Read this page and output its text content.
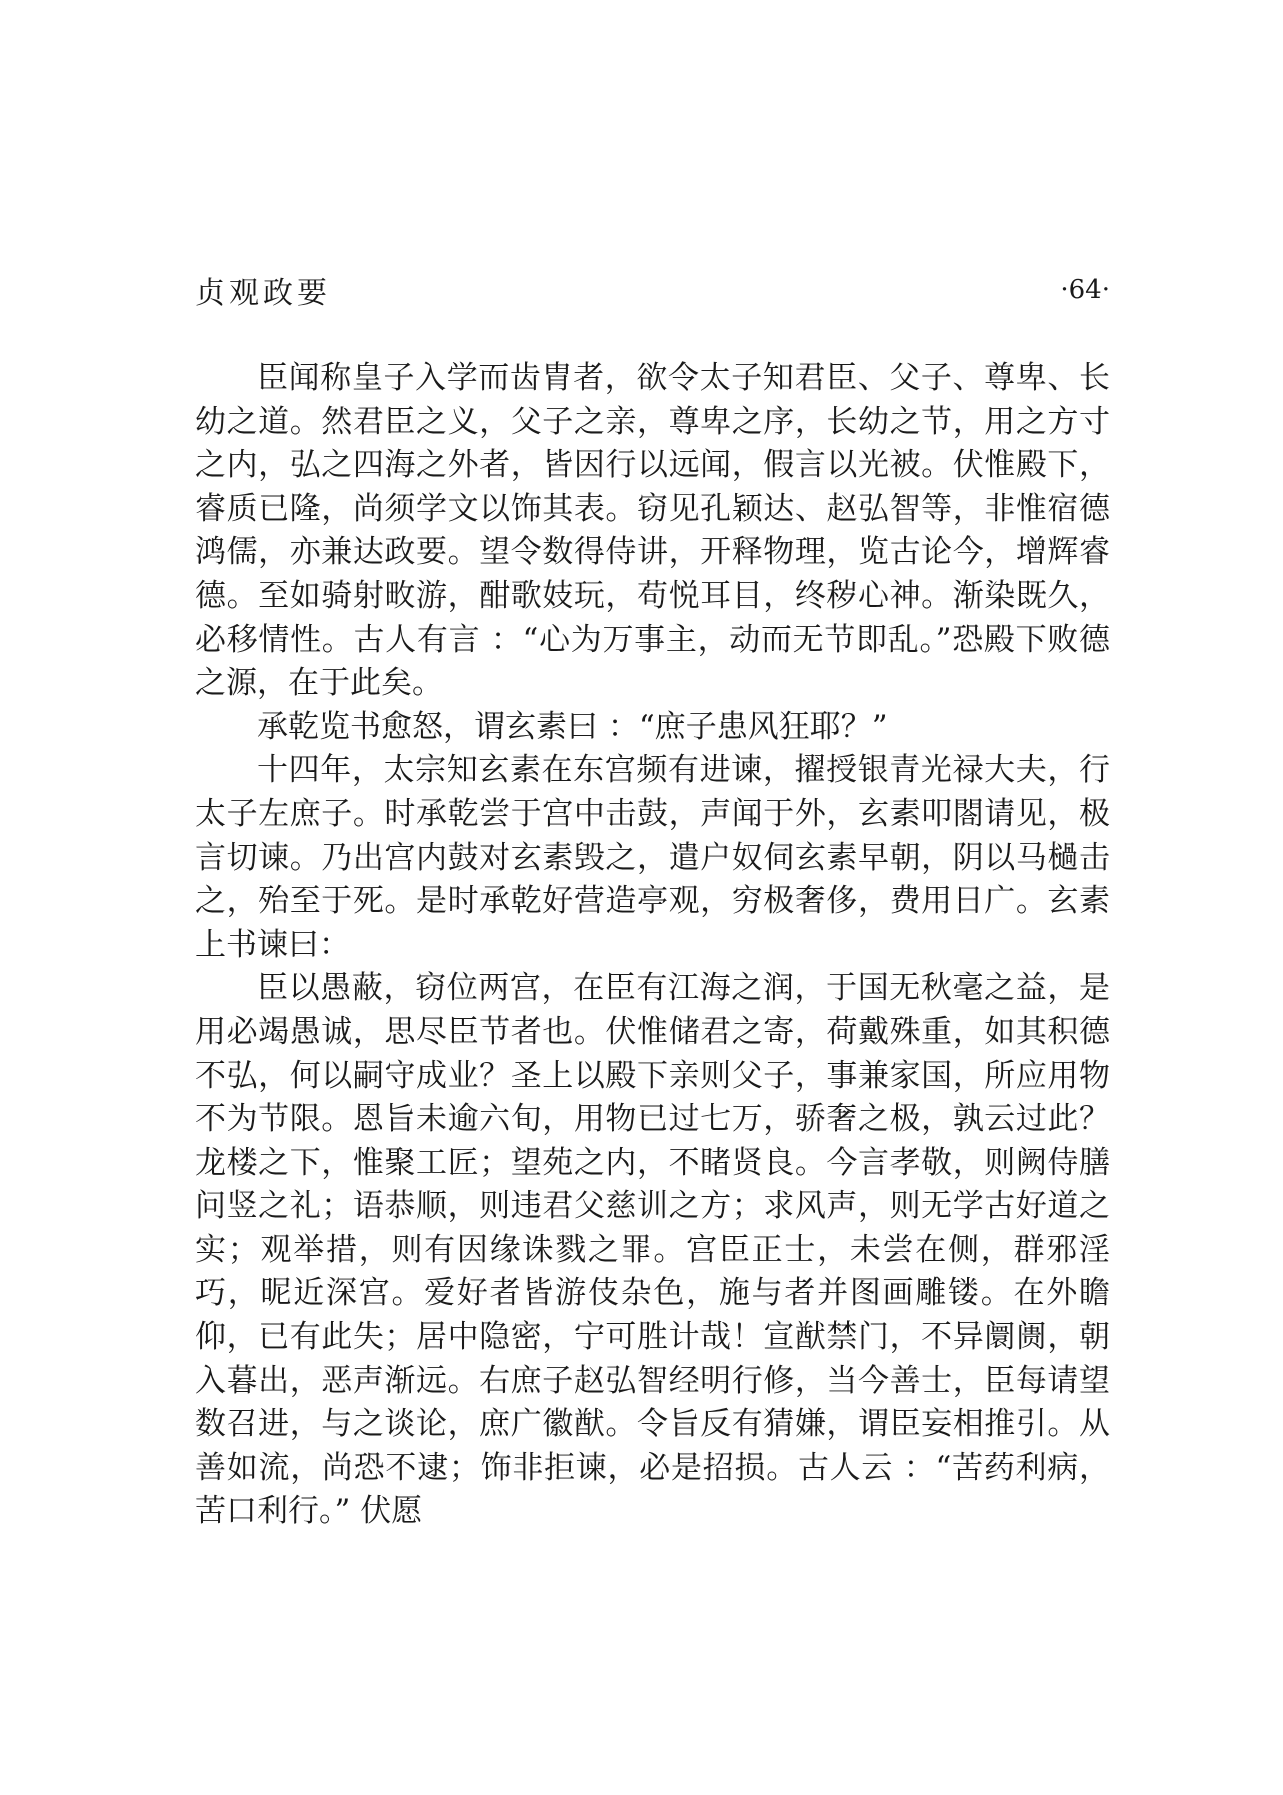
贞观政要	·64·

臣闻称皇子入学而齿胄者，欲令太子知君臣、父子、尊卑、长幼之道。然君臣之义，父子之亲，尊卑之序，长幼之节，用之方寸之内，弘之四海之外者，皆因行以远闻，假言以光被。伏惟殿下，睿质已隆，尚须学文以饰其表。窃见孔颖达、赵弘智等，非惟宿德鸿儒，亦兼达政要。望令数得侍讲，开释物理，览古论今，增辉睿德。至如骑射畋游，酣歌妓玩，苟悦耳目，终秽心神。渐染既久，必移情性。古人有言 ：“心为万事主，动而无节即乱。”恐殿下败德之源，在于此矣。

承乾览书愈怒，谓玄素曰 ：“庶子患风狂耶？”

十四年，太宗知玄素在东宫频有进谏，擢授银青光禄大夫，行太子左庶子。时承乾尝于宫中击鼓，声闻于外，玄素叩閤请见，极言切谏。乃出宫内鼓对玄素毁之，遣户奴伺玄素早朝，阴以马檛击之，殆至于死。是时承乾好营造亭观，穷极奢侈，费用日广。玄素上书谏曰：

臣以愚蔽，窃位两宫，在臣有江海之润，于国无秋毫之益，是用必竭愚诚，思尽臣节者也。伏惟储君之寄，荷戴殊重，如其积德不弘，何以嗣守成业？圣上以殿下亲则父子，事兼家国，所应用物不为节限。恩旨未逾六旬，用物已过七万，骄奢之极，孰云过此？龙楼之下，惟聚工匠；望苑之内，不睹贤良。今言孝敬，则阙侍膳问竖之礼；语恭顺，则违君父慈训之方；求风声，则无学古好道之实；观举措，则有因缘诛戮之罪。宫臣正士，未尝在侧，群邪淫巧，昵近深宫。爱好者皆游伎杂色，施与者并图画雕镂。在外瞻仰，已有此失；居中隐密，宁可胜计哉！宣猷禁门，不异阛阓，朝入暮出，恶声渐远。右庶子赵弘智经明行修，当今善士，臣每请望数召进，与之谈论，庶广徽猷。令旨反有猜嫌，谓臣妄相推引。从善如流，尚恐不逮；饰非拒谏，必是招损。古人云 ：“苦药利病，苦口利行。” 伏愿
